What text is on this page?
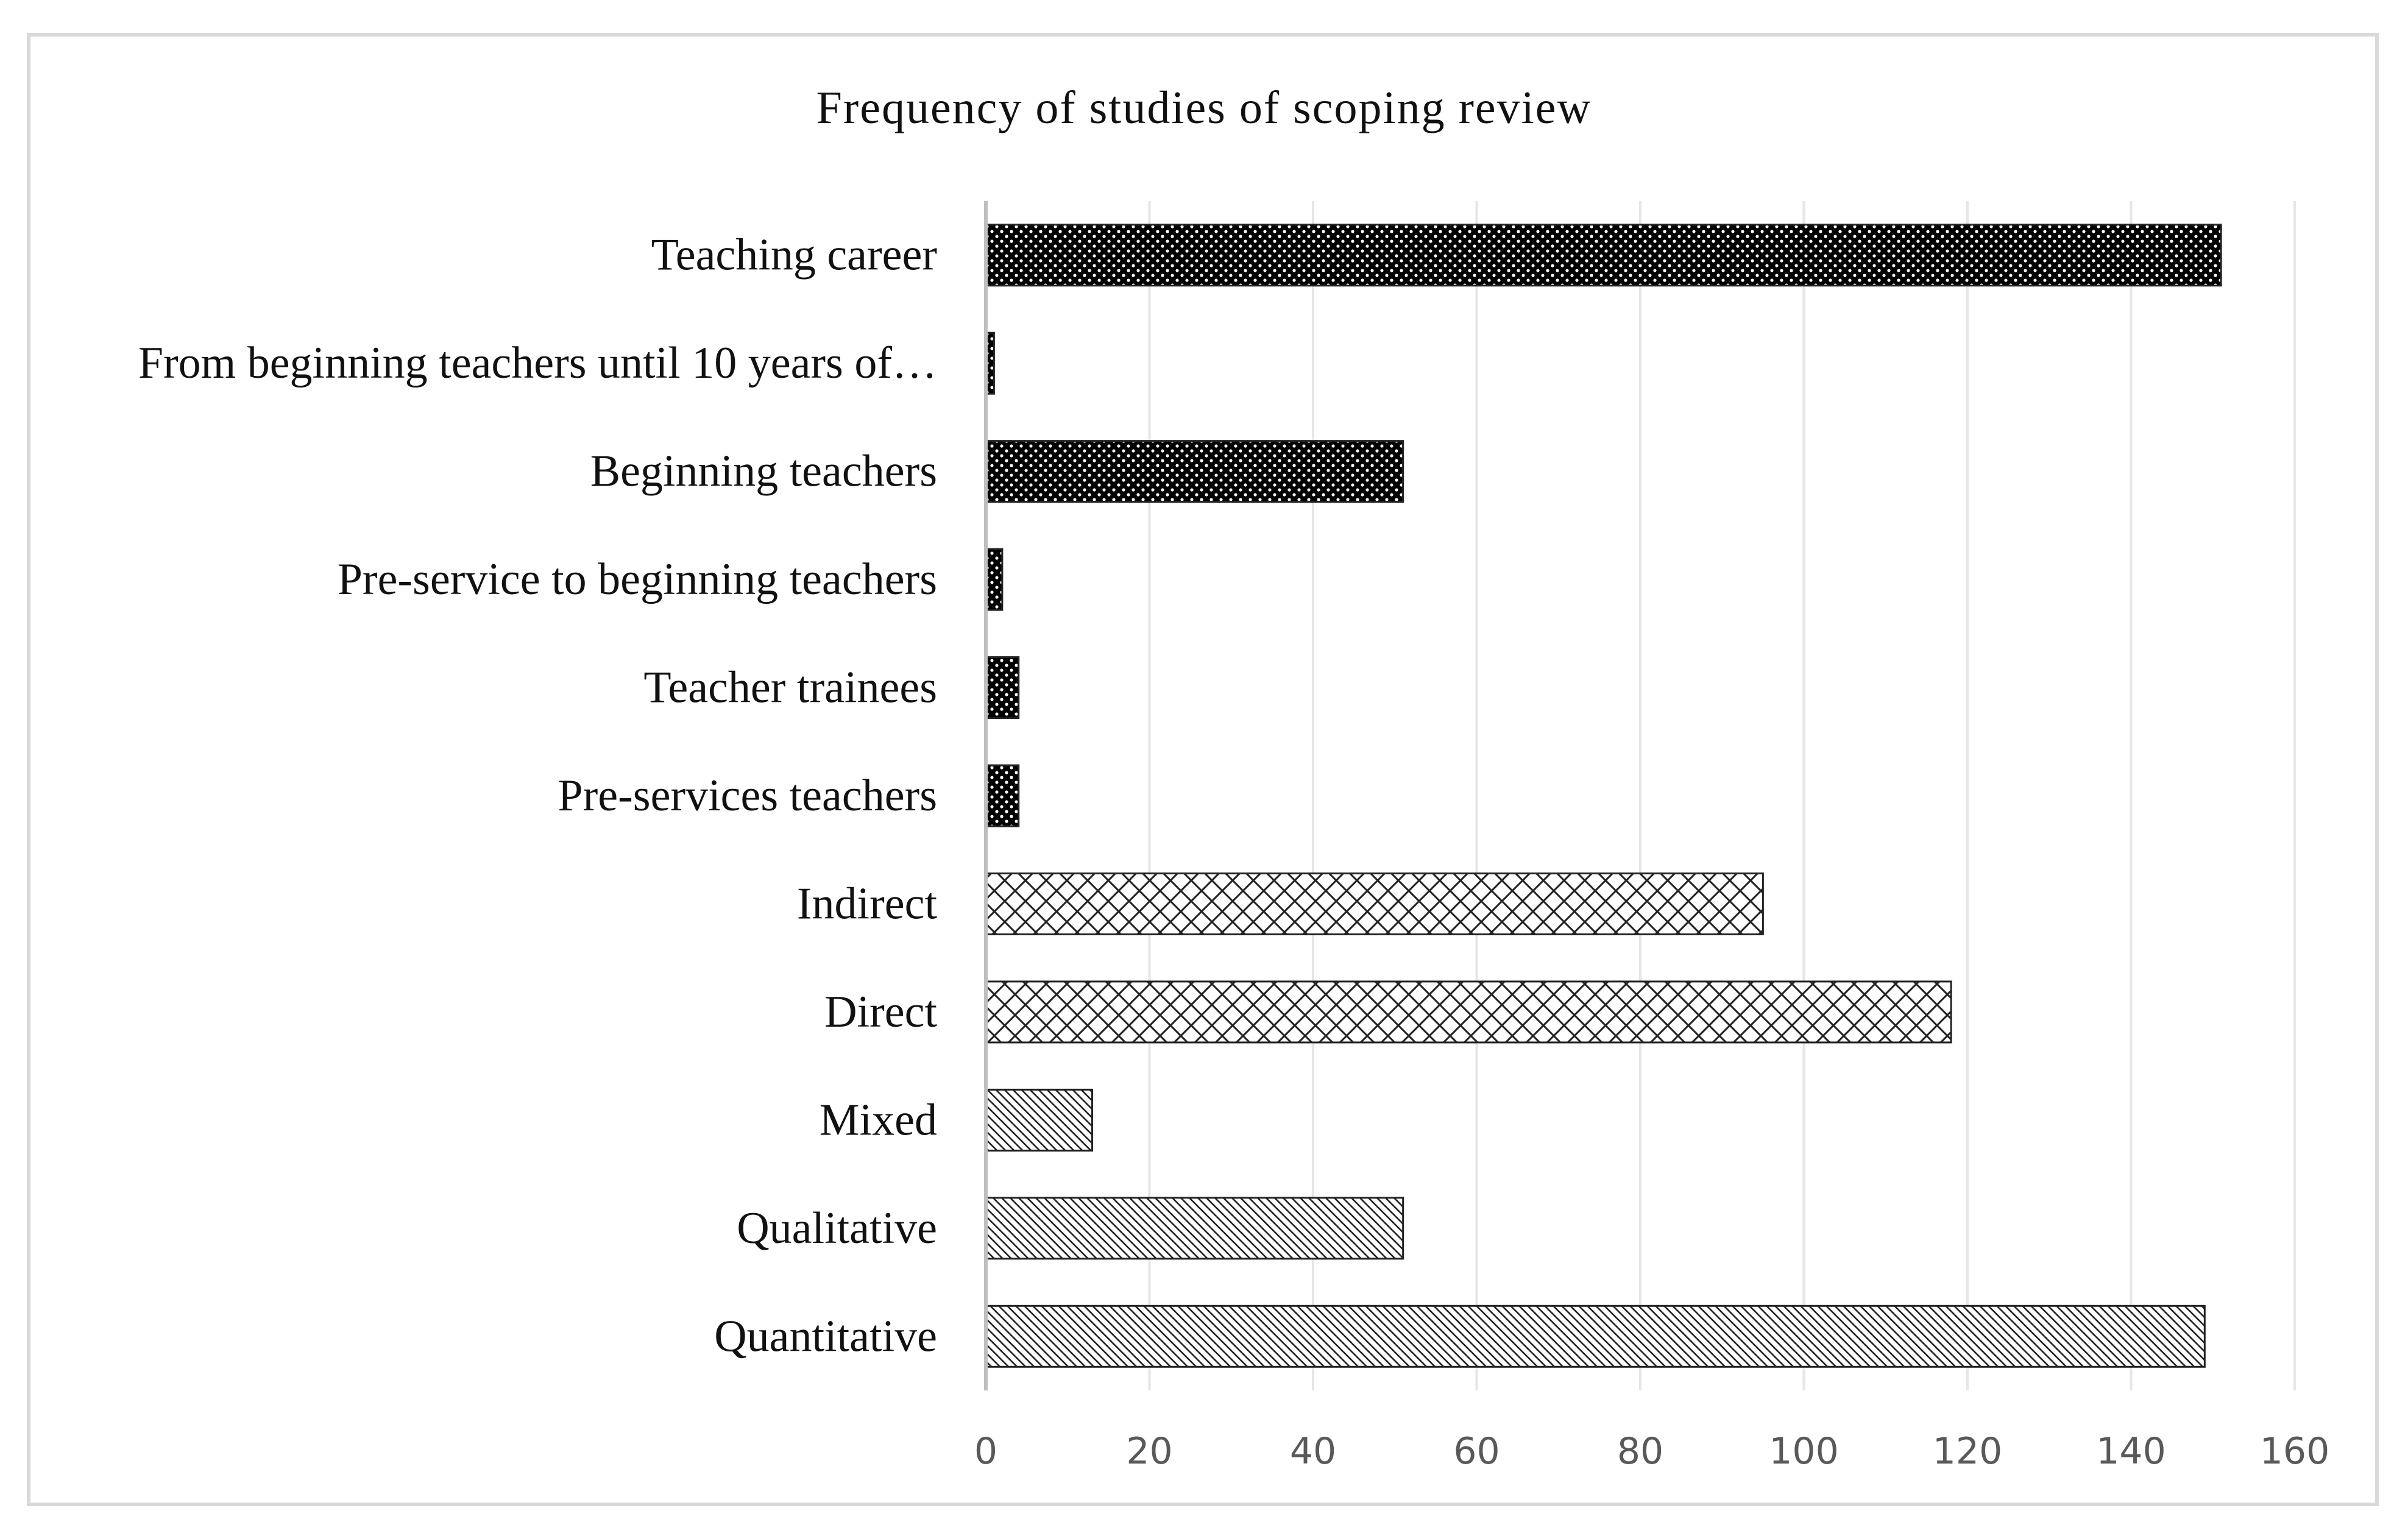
Frequency of studies of scoping review
Teaching career
From beginning teachers until 10 years of…
Beginning teachers
Pre-service to beginning teachers
Teacher trainees
Pre-services teachers
Indirect
Direct
Mixed
Qualitative
Quantitative
0	20	40	60	80	100	120	140	160
